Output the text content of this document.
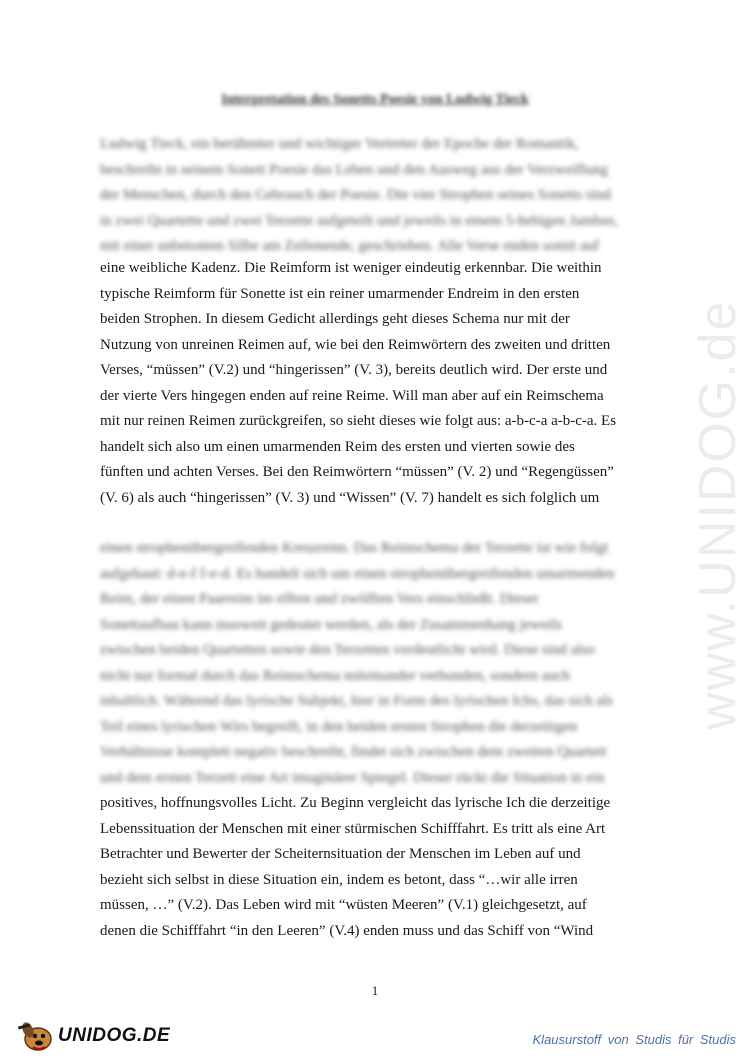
www.UNIDOG.de
Interpretation des Sonetts Poesie von Ludwig Tieck
Ludwig Tieck, ein berühmter und wichtiger Vertreter der Epoche der Romantik,
beschreibt in seinem Sonett Poesie das Leben und den Ausweg aus der Verzweiflung
der Menschen, durch den Gebrauch der Poesie. Die vier Strophen seines Sonetts sind
in zwei Quartette und zwei Terzette aufgeteilt und jeweils in einem 5-hebigen Jambus,
mit einer unbetonten Silbe am Zeilenende, geschrieben. Alle Verse enden somit auf
eine weibliche Kadenz. Die Reimform ist weniger eindeutig erkennbar. Die weithin
typische Reimform für Sonette ist ein reiner umarmender Endreim in den ersten
beiden Strophen. In diesem Gedicht allerdings geht dieses Schema nur mit der
Nutzung von unreinen Reimen auf, wie bei den Reimwörtern des zweiten und dritten
Verses, “müssen” (V.2) und “hingerissen” (V. 3), bereits deutlich wird. Der erste und
der vierte Vers hingegen enden auf reine Reime. Will man aber auf ein Reimschema
mit nur reinen Reimen zurückgreifen, so sieht dieses wie folgt aus: a-b-c-a a-b-c-a. Es
handelt sich also um einen umarmenden Reim des ersten und vierten sowie des
fünften und achten Verses. Bei den Reimwörtern “müssen” (V. 2) und “Regengüssen”
(V. 6) als auch “hingerissen” (V. 3) und “Wissen” (V. 7) handelt es sich folglich um
einen strophenübergreifenden Kreuzreim. Das Reimschema der Terzette ist wie folgt
aufgebaut: d-e-f f-e-d. Es handelt sich um einen strophenübergreifenden umarmenden
Reim, der einen Paarreim im elften und zwölften Vers einschließt. Dieser
Sonettaufbau kann insoweit gedeutet werden, als der Zusammenhang jeweils
zwischen beiden Quartetten sowie den Terzetten verdeutlicht wird. Diese sind also
nicht nur formal durch das Reimschema miteinander verbunden, sondern auch
inhaltlich. Während das lyrische Subjekt, hier in Form des lyrischen Ichs, das sich als
Teil eines lyrischen Wirs begreift, in den beiden ersten Strophen die derzeitigen
Verhältnisse komplett negativ beschreibt, findet sich zwischen dem zweiten Quartett
und dem ersten Terzett eine Art imaginärer Spiegel. Dieser rückt die Situation in ein
positives, hoffnungsvolles Licht. Zu Beginn vergleicht das lyrische Ich die derzeitige
Lebenssituation der Menschen mit einer stürmischen Schifffahrt. Es tritt als eine Art
Betrachter und Bewerter der Scheiternsituation der Menschen im Leben auf und
bezieht sich selbst in diese Situation ein, indem es betont, dass “…wir alle irren
müssen, …” (V.2). Das Leben wird mit “wüsten Meeren” (V.1) gleichgesetzt, auf
denen die Schifffahrt “in den Leeren” (V.4) enden muss und das Schiff von “Wind
1
UNIDOG.DE	Klausurstoff von Studis für Studis
